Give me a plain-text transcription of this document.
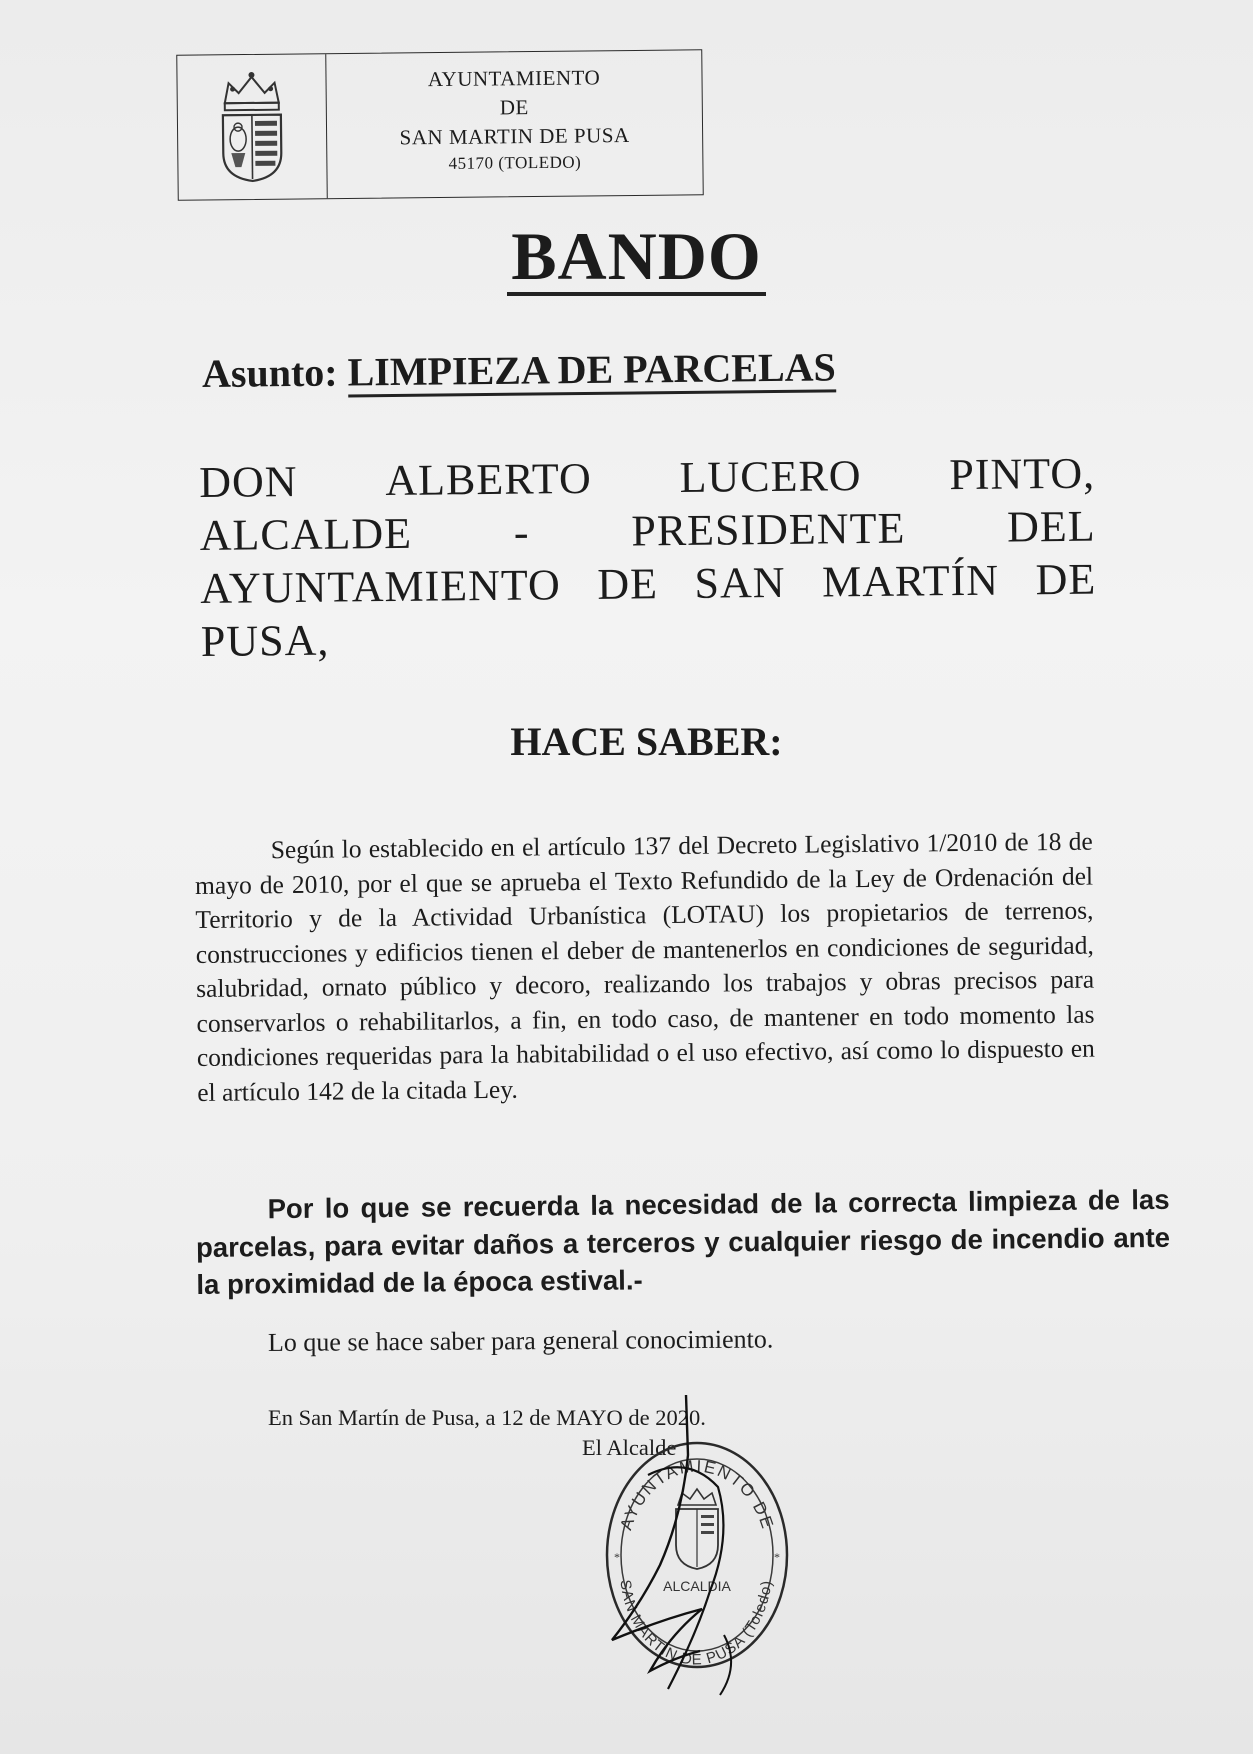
AYUNTAMIENTO
DE
SAN MARTIN DE PUSA
45170 (TOLEDO)
BANDO
Asunto: LIMPIEZA DE PARCELAS
DON ALBERTO LUCERO PINTO,
ALCALDE - PRESIDENTE DEL
AYUNTAMIENTO DE SAN MARTÍN DE
PUSA,
HACE SABER:

Según lo establecido en el artículo 137 del Decreto Legislativo 1/2010 de 18 de mayo de 2010, por el que se aprueba el Texto Refundido de la Ley de Ordenación del Territorio y de la Actividad Urbanística (LOTAU) los propietarios de terrenos, construcciones y edificios tienen el deber de mantenerlos en condiciones de seguridad, salubridad, ornato público y decoro, realizando los trabajos y obras precisos para conservarlos o rehabilitarlos, a fin, en todo caso, de mantener en todo momento las condiciones requeridas para la habitabilidad o el uso efectivo, así como lo dispuesto en el artículo 142 de la citada Ley.

Por lo que se recuerda la necesidad de la correcta limpieza de las parcelas, para evitar daños a terceros y cualquier riesgo de incendio ante la proximidad de la época estival.-

Lo que se hace saber para general conocimiento.
En San Martín de Pusa, a 12 de MAYO de 2020.
El Alcalde
AYUNTAMIENTO DE
SAN MARTIN DE PUSA (Toledo)
ALCALDIA
*	*
